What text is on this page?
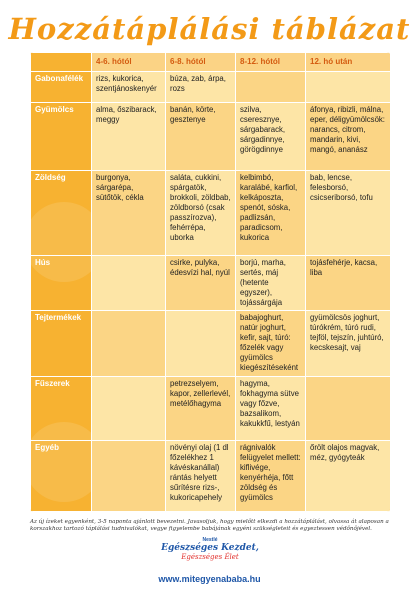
Hozzátáplálási táblázat
	4-6. hótól	6-8. hótól	8-12. hótól	12. hó után
Gabonafélék	rizs, kukorica, szentjánoskenyér	búza, zab, árpa, rozs		
Gyümölcs	alma, őszibarack, meggy	banán, körte, gesztenye	szilva, cseresznye, sárgabarack, sárgadinnye, görögdinnye	áfonya, ribizli, málna, eper, déligyümölcsök: narancs, citrom, mandarin, kivi, mangó, ananász
Zöldség	burgonya, sárgarépa, sütőtök, cékla	saláta, cukkini, spárgatök, brokkoli, zöldbab, zöldborsó (csak passzírozva), fehérrépa, uborka	kelbimbó, karalábé, karfiol, kelkáposzta, spenót, sóska, padlizsán, paradicsom, kukorica	bab, lencse, felesborsó, csicseriborsó, tofu
Hús		csirke, pulyka, édesvízi hal, nyúl	borjú, marha, sertés, máj (hetente egyszer), tojássárgája	tojásfehérje, kacsa, liba
Tejtermékek			babajoghurt, natúr joghurt, kefir, sajt, túró: főzelék vagy gyümölcs kiegészítéseként	gyümölcsös joghurt, túrókrém, túró rudi, tejföl, tejszín, juhtúró, kecskesajt, vaj
Fűszerek		petrezselyem, kapor, zellerlevél, metélőhagyma	hagyma, fokhagyma sütve vagy főzve, bazsalikom, kakukkfű, lestyán	
Egyéb		növényi olaj (1 dl főzelékhez 1 kávéskanállal) rántás helyett sűrítésre rizs-, kukoricapehely	rágnivalók felügyelet mellett: kiflivége, kenyérhéja, főtt zöldség és gyümölcs	őrölt olajos magvak, méz, gyógyteák
Az új ízeket egyenként, 3-5 naponta ajánlott bevezetni. Javasoljuk, hogy mielőtt elkezdi a hozzátáplálást, olvassa át alaposan a korszakhoz tartozó táplálási tudnivalókat, vegye figyelembe babájának egyéni szükségleteit és egyeztessen védőnőjével.
Nestlé
Egészséges Kezdet,
Egészséges Élet
www.mitegyenababa.hu
